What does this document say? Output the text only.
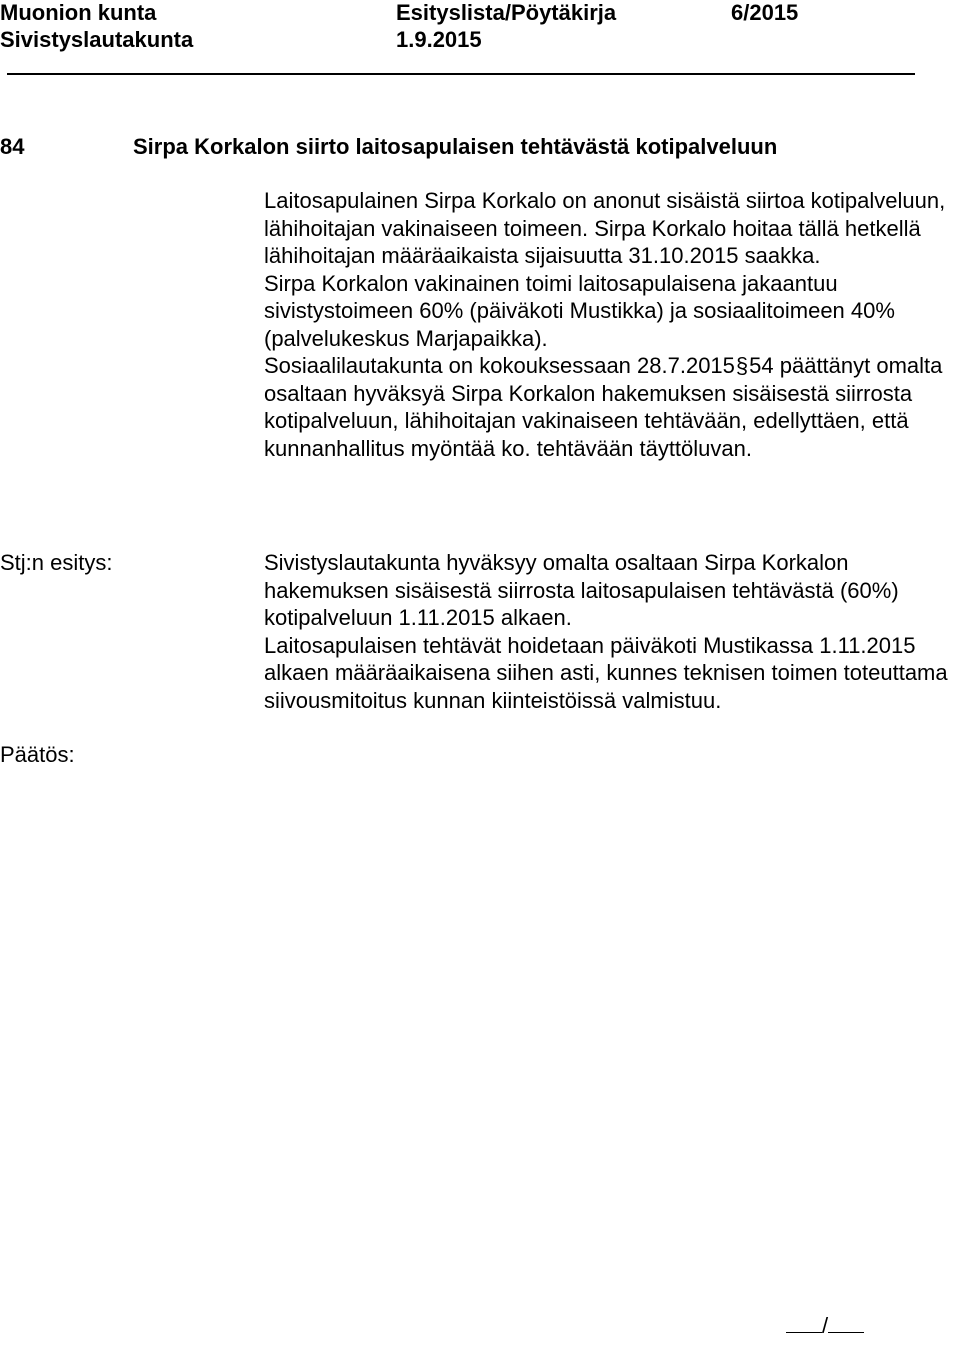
Muonion kunta	Esityslista/Pöytäkirja	6/2015
Sivistyslautakunta	1.9.2015
84	Sirpa Korkalon siirto laitosapulaisen tehtävästä kotipalveluun

Laitosapulainen Sirpa Korkalo on anonut sisäistä siirtoa kotipalveluun, lähihoitajan vakinaiseen toimeen. Sirpa Korkalo hoitaa tällä hetkellä lähihoitajan määräaikaista sijaisuutta 31.10.2015 saakka.

Sirpa Korkalon vakinainen toimi laitosapulaisena jakaantuu sivistystoimeen 60% (päiväkoti Mustikka) ja sosiaalitoimeen 40% (palvelukeskus Marjapaikka).

Sosiaalilautakunta on kokouksessaan 28.7.2015§54 päättänyt omalta osaltaan hyväksyä Sirpa Korkalon hakemuksen sisäisestä siirrosta kotipalveluun, lähihoitajan vakinaiseen tehtävään, edellyttäen, että kunnanhallitus myöntää ko. tehtävään täyttöluvan.

Stj:n esitys:	Sivistyslautakunta hyväksyy omalta osaltaan Sirpa Korkalon hakemuksen sisäisestä siirrosta laitosapulaisen tehtävästä (60%) kotipalveluun 1.11.2015 alkaen.

Laitosapulaisen tehtävät hoidetaan päiväkoti Mustikassa 1.11.2015 alkaen määräaikaisena siihen asti, kunnes teknisen toimen toteuttama siivousmitoitus kunnan kiinteistöissä valmistuu.

Päätös:
/
